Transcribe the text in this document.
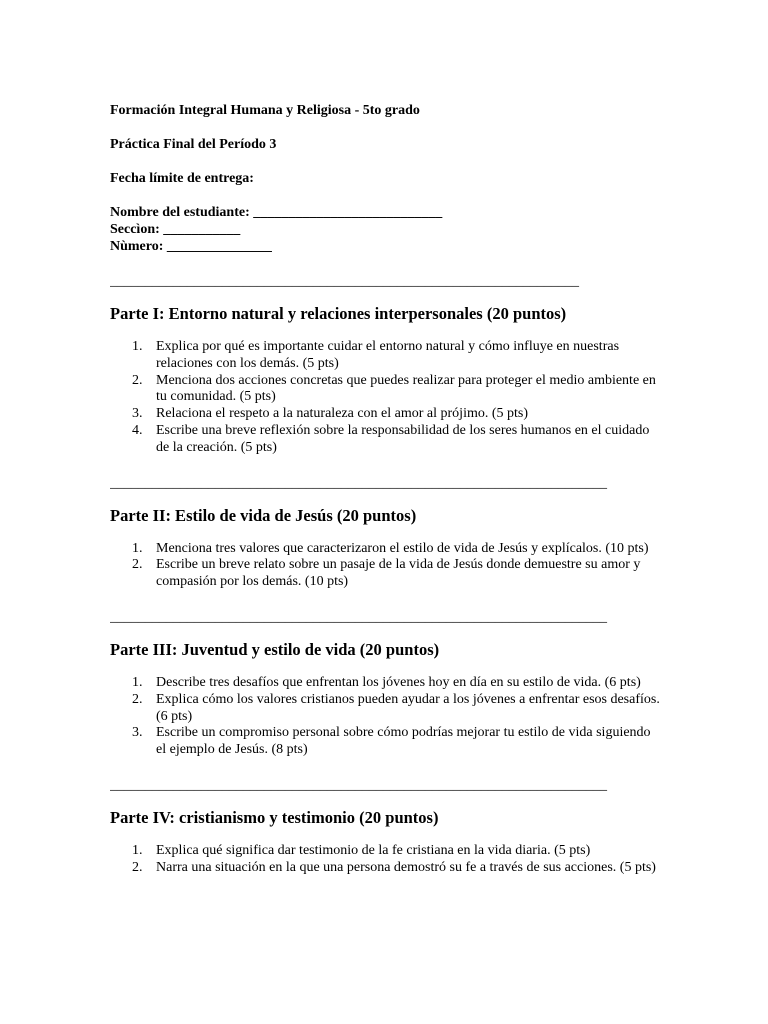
Formación Integral Humana y Religiosa - 5to grado
Práctica Final del Período 3
Fecha límite de entrega:
Nombre del estudiante: ___________________________
Seccìon: ___________
Nùmero: _______________
___________________________________________________________________
Parte I: Entorno natural y relaciones interpersonales (20 puntos)
1. Explica por qué es importante cuidar el entorno natural y cómo influye en nuestras relaciones con los demás. (5 pts)
2. Menciona dos acciones concretas que puedes realizar para proteger el medio ambiente en tu comunidad. (5 pts)
3. Relaciona el respeto a la naturaleza con el amor al prójimo. (5 pts)
4. Escribe una breve reflexión sobre la responsabilidad de los seres humanos en el cuidado de la creación. (5 pts)
_______________________________________________________________________
Parte II: Estilo de vida de Jesús (20 puntos)
1. Menciona tres valores que caracterizaron el estilo de vida de Jesús y explícalos. (10 pts)
2. Escribe un breve relato sobre un pasaje de la vida de Jesús donde demuestre su amor y compasión por los demás. (10 pts)
_______________________________________________________________________
Parte III: Juventud y estilo de vida (20 puntos)
1. Describe tres desafíos que enfrentan los jóvenes hoy en día en su estilo de vida. (6 pts)
2. Explica cómo los valores cristianos pueden ayudar a los jóvenes a enfrentar esos desafíos. (6 pts)
3. Escribe un compromiso personal sobre cómo podrías mejorar tu estilo de vida siguiendo el ejemplo de Jesús. (8 pts)
_______________________________________________________________________
Parte IV: cristianismo y testimonio (20 puntos)
1. Explica qué significa dar testimonio de la fe cristiana en la vida diaria. (5 pts)
2. Narra una situación en la que una persona demostró su fe a través de sus acciones. (5 pts)
